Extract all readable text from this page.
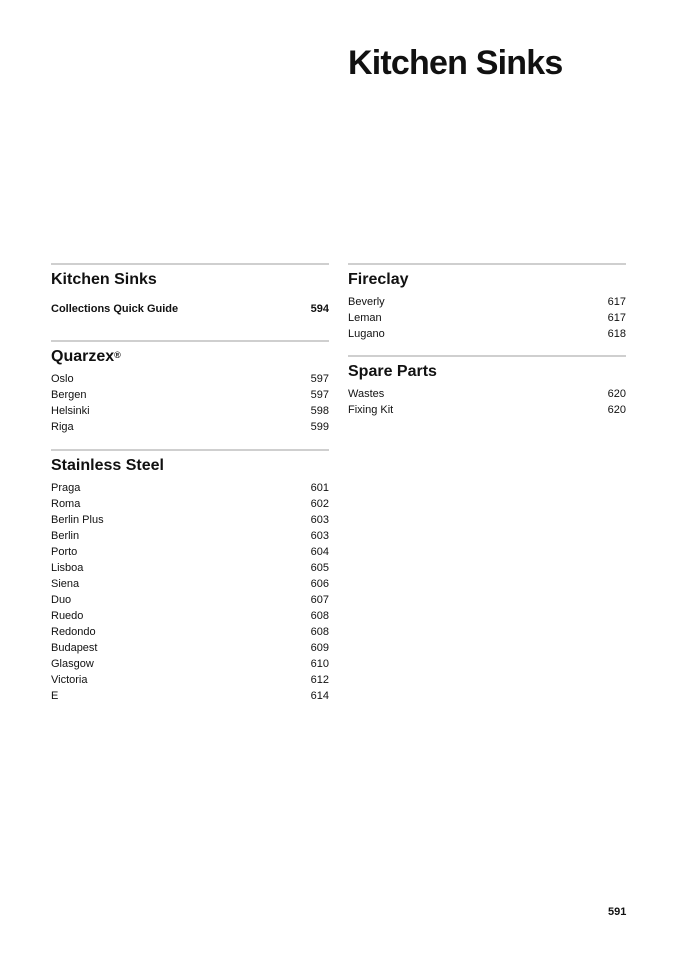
Kitchen Sinks
Kitchen Sinks
Collections Quick Guide	594
Quarzex®
Oslo	597
Bergen	597
Helsinki	598
Riga	599
Stainless Steel
Praga	601
Roma	602
Berlin Plus	603
Berlin	603
Porto	604
Lisboa	605
Siena	606
Duo	607
Ruedo	608
Redondo	608
Budapest	609
Glasgow	610
Victoria	612
E	614
Fireclay
Beverly	617
Leman	617
Lugano	618
Spare Parts
Wastes	620
Fixing Kit	620
591
